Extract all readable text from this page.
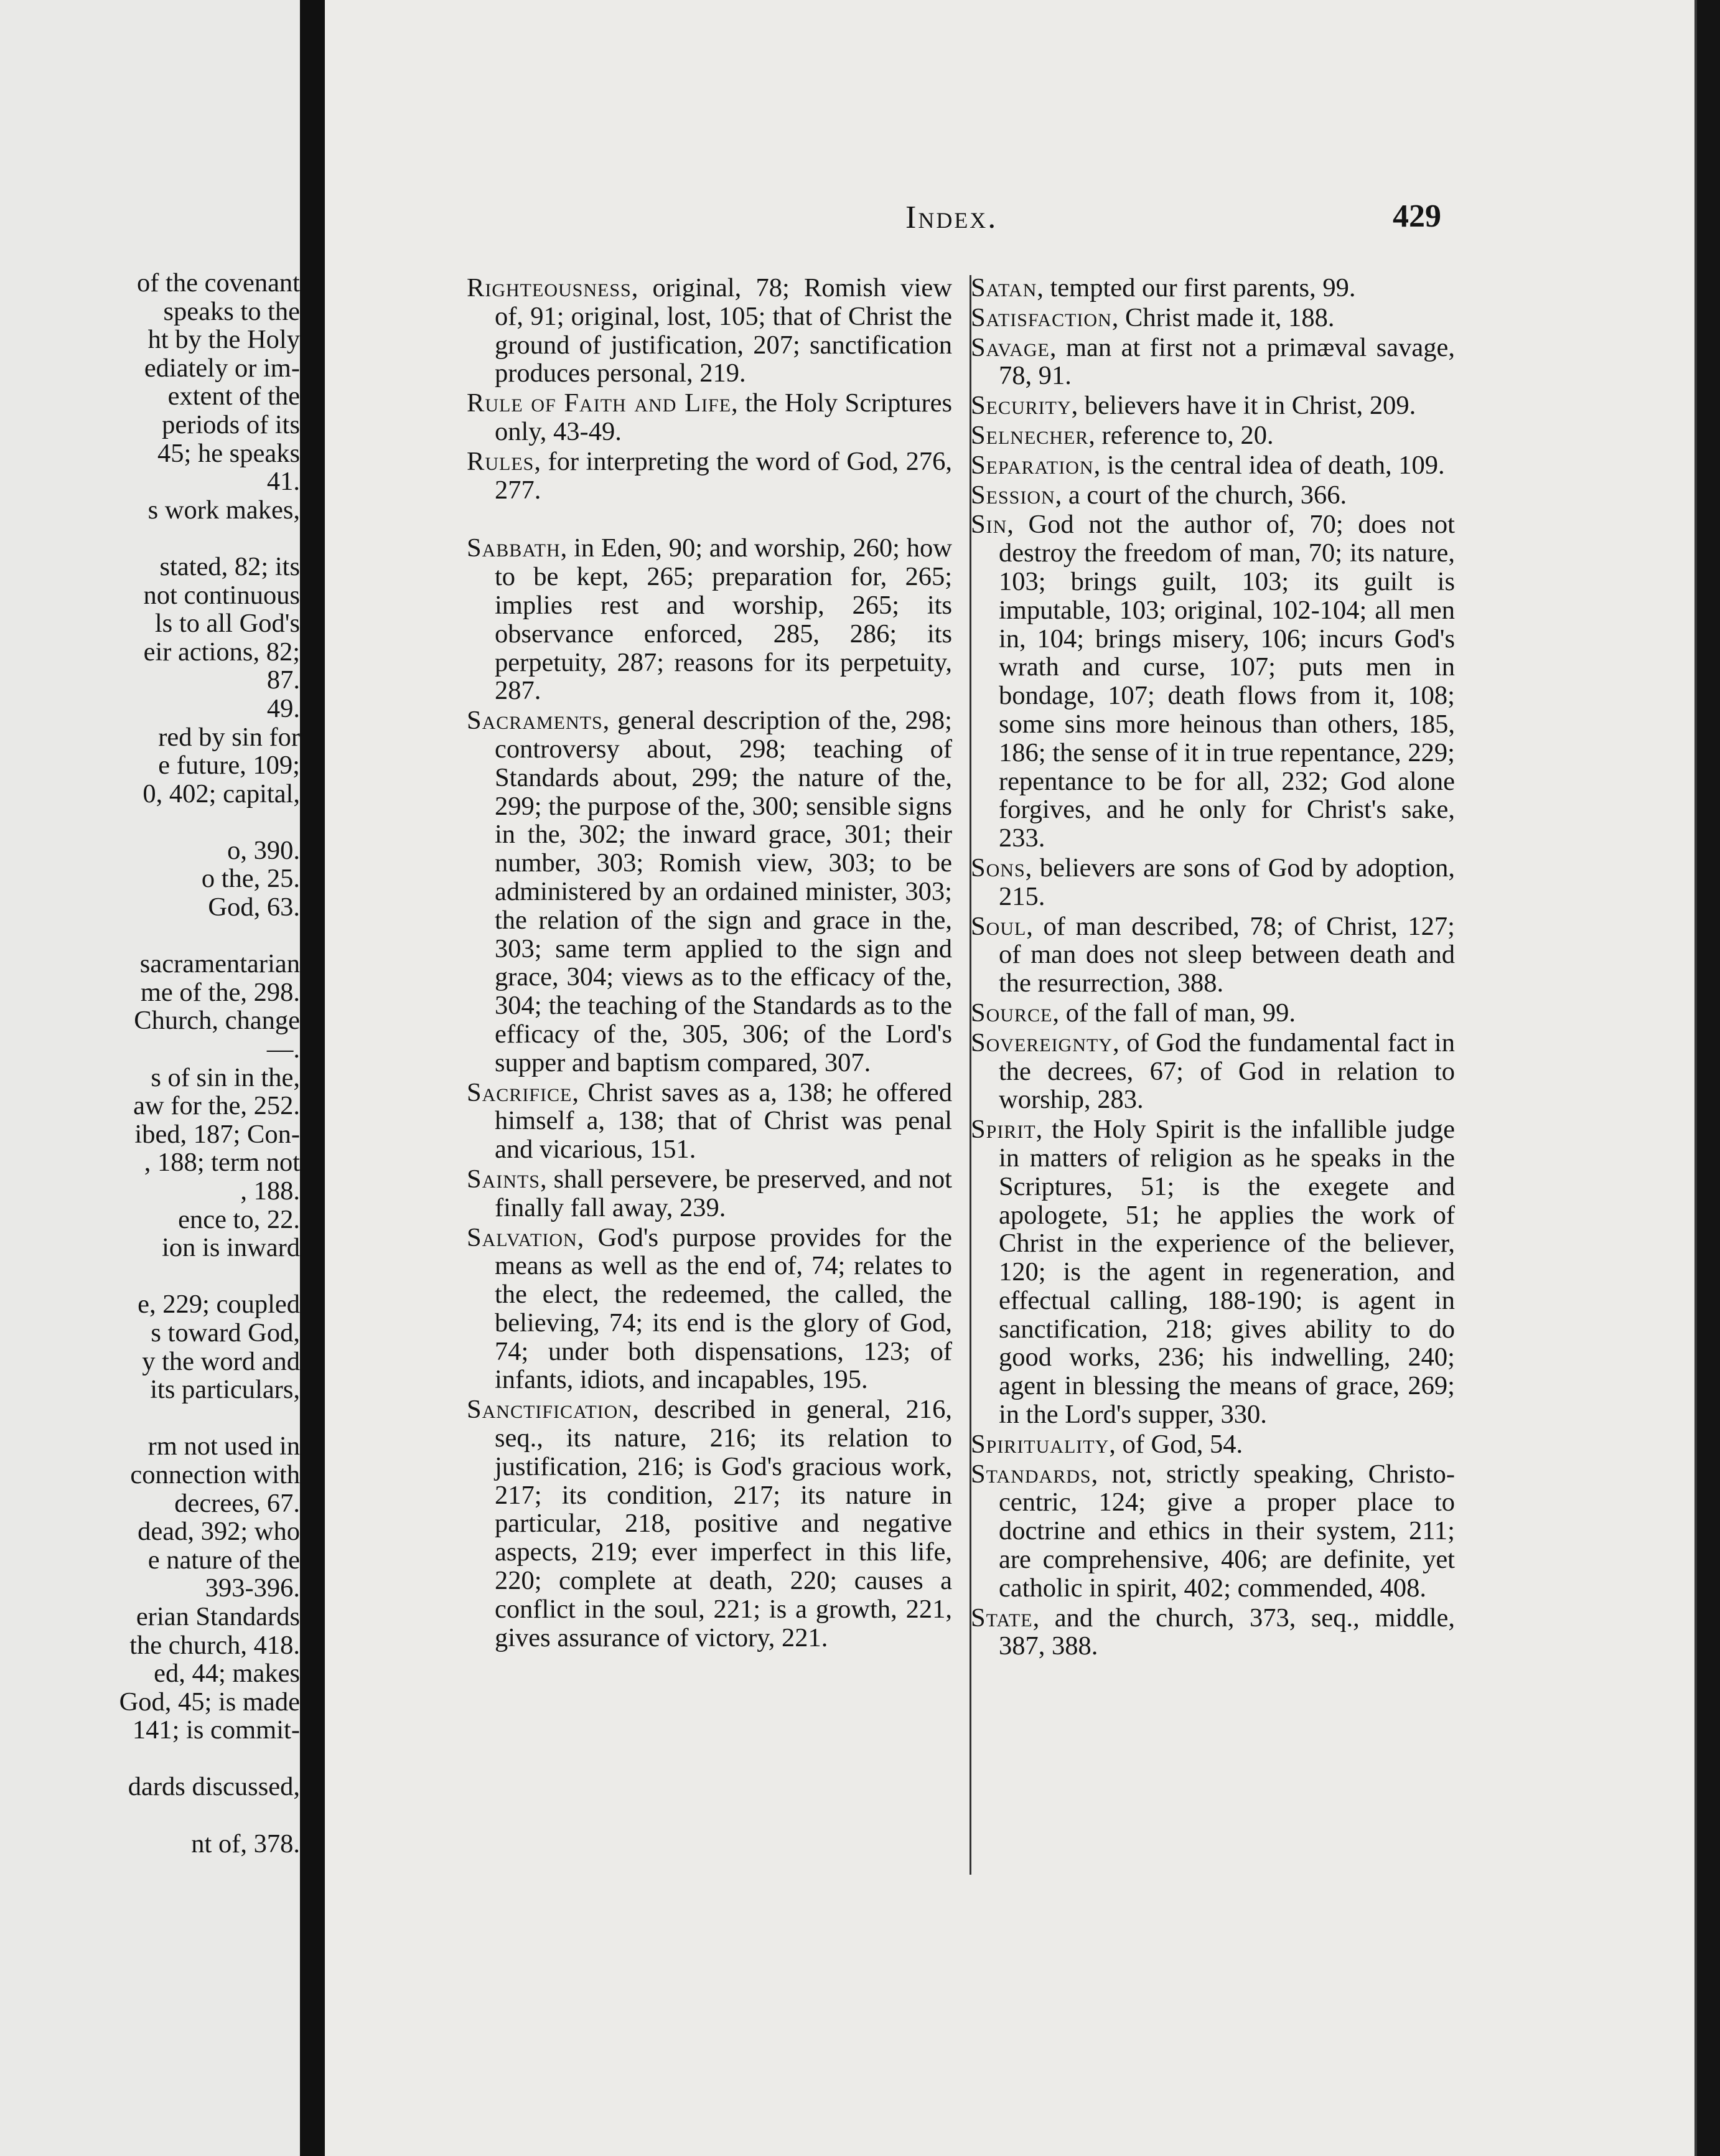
of the covenant
speaks to the
ht by the Holy
ediately or im-
extent of the
periods of its
45; he speaks
41.
s work makes,
stated, 82; its
not continuous
ls to all God's
eir actions, 82;
87.
49.
red by sin for
e future, 109;
0, 402; capital,
o, 390.
o the, 25.
God, 63.
sacramentarian
me of the, 298.
Church, change
—.
s of sin in the,
aw for the, 252.
ibed, 187; Con-
, 188; term not
, 188.
ence to, 22.
ion is inward
e, 229; coupled
s toward God,
y the word and
its particulars,
rm not used in
connection with
decrees, 67.
dead, 392; who
e nature of the
393-396.
erian Standards
the church, 418.
ed, 44; makes
God, 45; is made
141; is commit-
dards discussed,
nt of, 378.
Index.	429
Righteousness, original, 78; Romish view of, 91; original, lost, 105; that of Christ the ground of justification, 207; sanctification produces personal, 219.
Rule of Faith and Life, the Holy Scriptures only, 43-49.
Rules, for interpreting the word of God, 276, 277.
Sabbath, in Eden, 90; and worship, 260; how to be kept, 265; preparation for, 265; implies rest and worship, 265; its observance enforced, 285, 286; its perpetuity, 287; reasons for its perpetuity, 287.
Sacraments, general description of the, 298; controversy about, 298; teaching of Standards about, 299; the nature of the, 299; the purpose of the, 300; sensible signs in the, 302; the inward grace, 301; their number, 303; Romish view, 303; to be administered by an ordained minister, 303; the relation of the sign and grace in the, 303; same term applied to the sign and grace, 304; views as to the efficacy of the, 304; the teaching of the Standards as to the efficacy of the, 305, 306; of the Lord's supper and baptism compared, 307.
Sacrifice, Christ saves as a, 138; he offered himself a, 138; that of Christ was penal and vicarious, 151.
Saints, shall persevere, be preserved, and not finally fall away, 239.
Salvation, God's purpose provides for the means as well as the end of, 74; relates to the elect, the redeemed, the called, the believing, 74; its end is the glory of God, 74; under both dispensations, 123; of infants, idiots, and incapables, 195.
Sanctification, described in general, 216, seq., its nature, 216; its relation to justification, 216; is God's gracious work, 217; its condition, 217; its nature in particular, 218, positive and negative aspects, 219; ever imperfect in this life, 220; complete at death, 220; causes a conflict in the soul, 221; is a growth, 221, gives assurance of victory, 221.
Satan, tempted our first parents, 99.
Satisfaction, Christ made it, 188.
Savage, man at first not a primæval savage, 78, 91.
Security, believers have it in Christ, 209.
Selnecher, reference to, 20.
Separation, is the central idea of death, 109.
Session, a court of the church, 366.
Sin, God not the author of, 70; does not destroy the freedom of man, 70; its nature, 103; brings guilt, 103; its guilt is imputable, 103; original, 102-104; all men in, 104; brings misery, 106; incurs God's wrath and curse, 107; puts men in bondage, 107; death flows from it, 108; some sins more heinous than others, 185, 186; the sense of it in true repentance, 229; repentance to be for all, 232; God alone forgives, and he only for Christ's sake, 233.
Sons, believers are sons of God by adoption, 215.
Soul, of man described, 78; of Christ, 127; of man does not sleep between death and the resurrection, 388.
Source, of the fall of man, 99.
Sovereignty, of God the fundamental fact in the decrees, 67; of God in relation to worship, 283.
Spirit, the Holy Spirit is the infallible judge in matters of religion as he speaks in the Scriptures, 51; is the exegete and apologete, 51; he applies the work of Christ in the experience of the believer, 120; is the agent in regeneration, and effectual calling, 188-190; is agent in sanctification, 218; gives ability to do good works, 236; his indwelling, 240; agent in blessing the means of grace, 269; in the Lord's supper, 330.
Spirituality, of God, 54.
Standards, not, strictly speaking, Christo-centric, 124; give a proper place to doctrine and ethics in their system, 211; are comprehensive, 406; are definite, yet catholic in spirit, 402; commended, 408.
State, and the church, 373, seq., middle, 387, 388.
